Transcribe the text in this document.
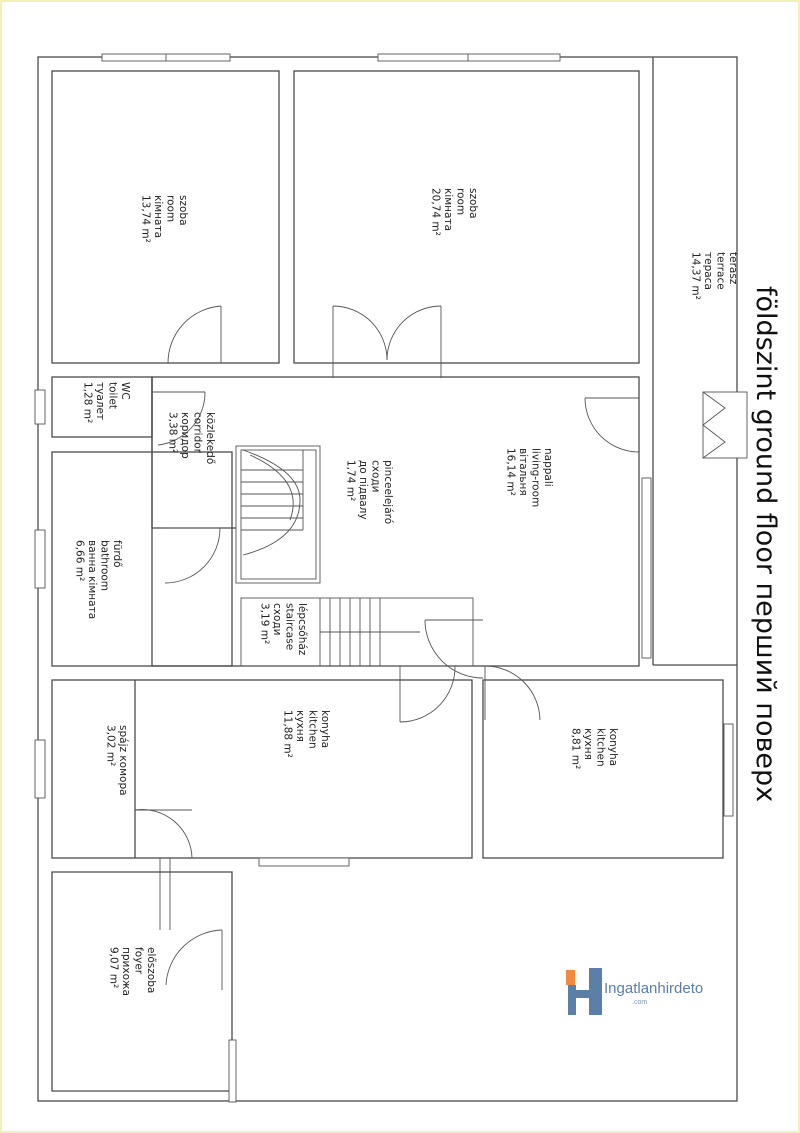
földszint ground floor перший поверх
szobaroomкімната13,74 m²	szobaroomкімната20,74 m²
teraszterraceтераса14,37 m²
WCtoiletтуалет1,28 m²
közlekedőcorridorкоридор3,38 m²
pinceelejáróсходидо підвалу1,74 m²	nappaliliving-roomвітальня16,14 m²
fürdőbathroomванна кімната6,66 m²
lépcsőházstaircaseсходи3,19 m²
spájz комора3,02 m²	konyhakitchenкухня11,88 m²	konyhakitchenкухня8,81 m²
előszobafoyerприхожа9,07 m²
Ingatlanhirdeto
.com
